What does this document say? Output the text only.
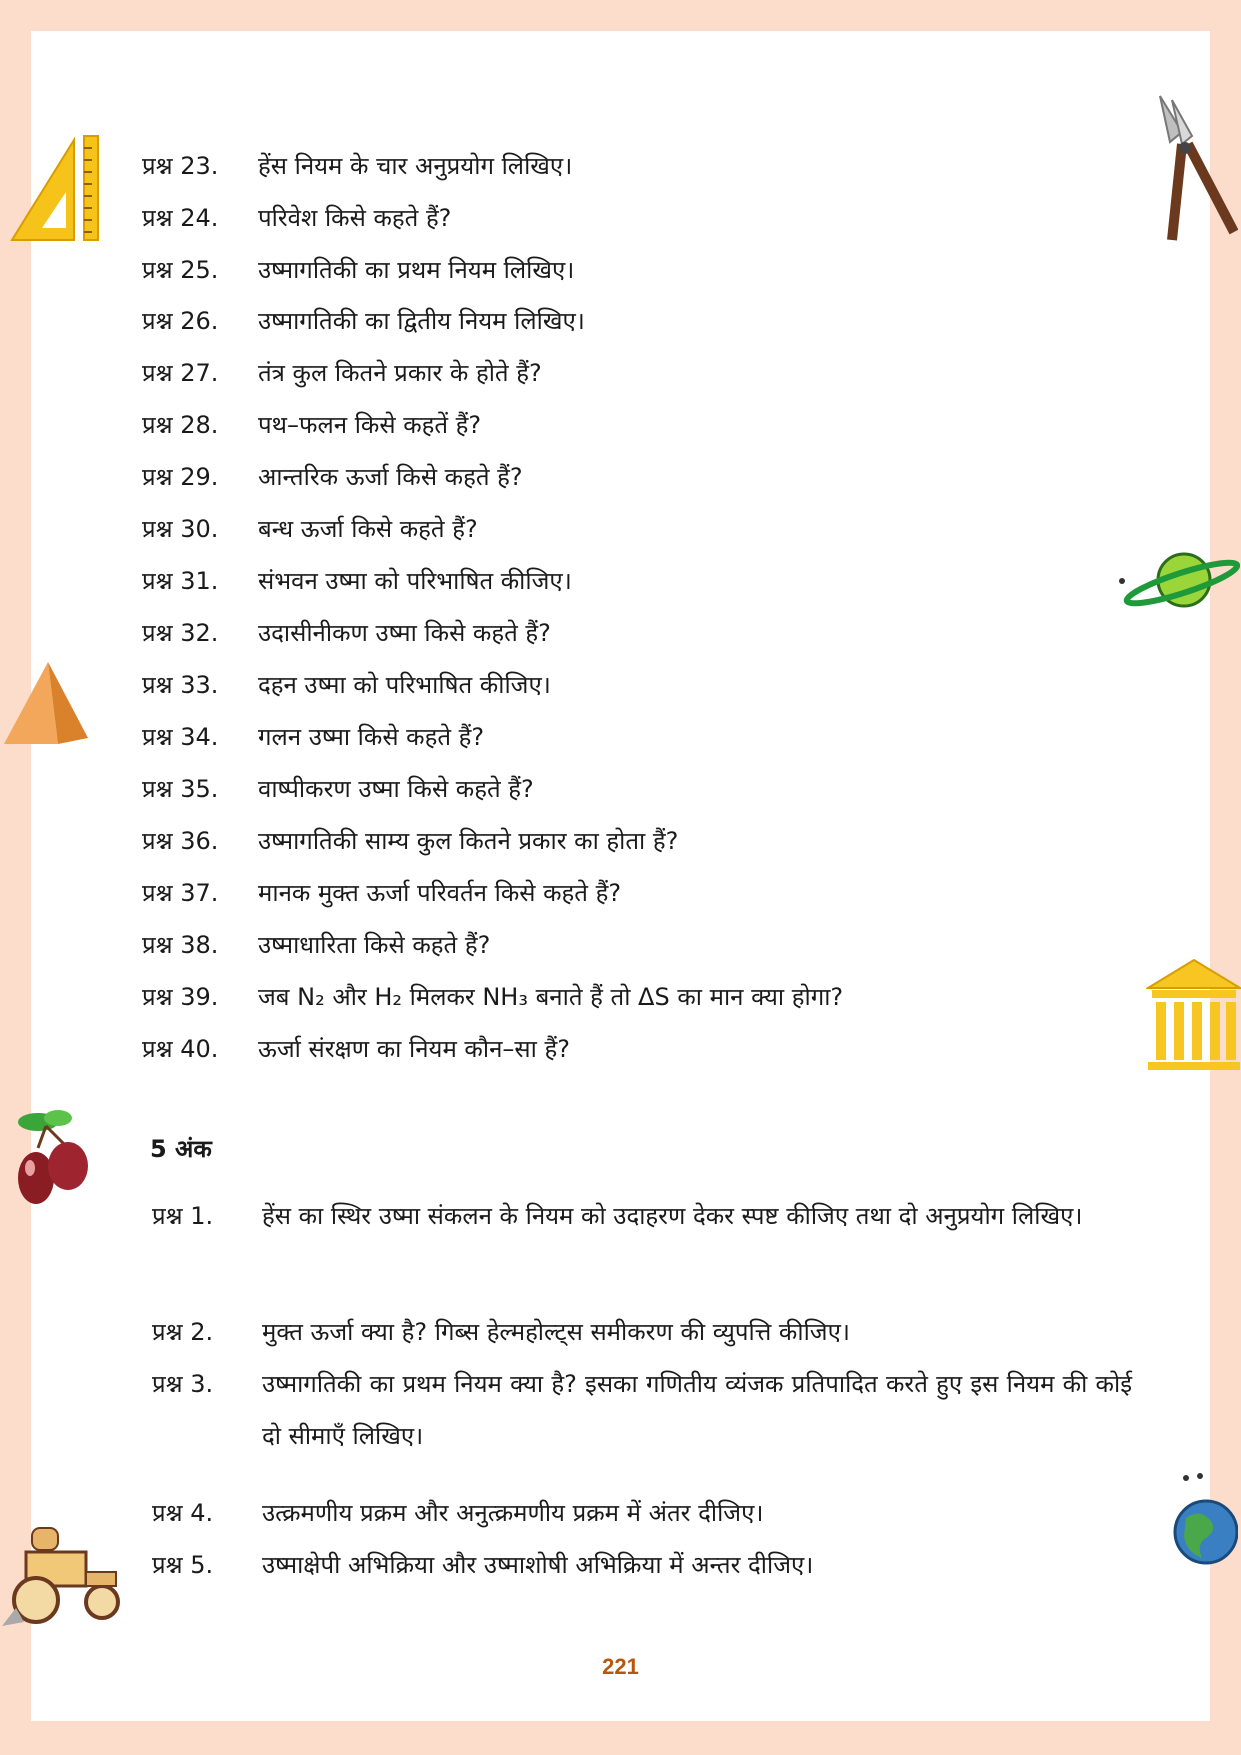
प्रश्न 23. हेंस नियम के चार अनुप्रयोग लिखिए।
प्रश्न 24. परिवेश किसे कहते हैं?
प्रश्न 25. उष्मागतिकी का प्रथम नियम लिखिए।
प्रश्न 26. उष्मागतिकी का द्वितीय नियम लिखिए।
प्रश्न 27. तंत्र कुल कितने प्रकार के होते हैं?
प्रश्न 28. पथ–फलन किसे कहतें हैं?
प्रश्न 29. आन्तरिक ऊर्जा किसे कहते हैं?
प्रश्न 30. बन्ध ऊर्जा किसे कहते हैं?
प्रश्न 31. संभवन उष्मा को परिभाषित कीजिए।
प्रश्न 32. उदासीनीकण उष्मा किसे कहते हैं?
प्रश्न 33. दहन उष्मा को परिभाषित कीजिए।
प्रश्न 34. गलन उष्मा किसे कहते हैं?
प्रश्न 35. वाष्पीकरण उष्मा किसे कहते हैं?
प्रश्न 36. उष्मागतिकी साम्य कुल कितने प्रकार का होता हैं?
प्रश्न 37. मानक मुक्त ऊर्जा परिवर्तन किसे कहते हैं?
प्रश्न 38. उष्माधारिता किसे कहते हैं?
प्रश्न 39. जब N₂ और H₂ मिलकर NH₃ बनाते हैं तो ΔS का मान क्या होगा?
प्रश्न 40. ऊर्जा संरक्षण का नियम कौन–सा हैं?
5 अंक
प्रश्न 1. हेंस का स्थिर उष्मा संकलन के नियम को उदाहरण देकर स्पष्ट कीजिए तथा दो अनुप्रयोग लिखिए।
प्रश्न 2. मुक्त ऊर्जा क्या है? गिब्स हेल्महोल्ट्स समीकरण की व्युपत्ति कीजिए।
प्रश्न 3. उष्मागतिकी का प्रथम नियम क्या है? इसका गणितीय व्यंजक प्रतिपादित करते हुए इस नियम की कोई दो सीमाएँ लिखिए।
प्रश्न 4. उत्क्रमणीय प्रक्रम और अनुत्क्रमणीय प्रक्रम में अंतर दीजिए।
प्रश्न 5. उष्माक्षेपी अभिक्रिया और उष्माशोषी अभिक्रिया में अन्तर दीजिए।
221
